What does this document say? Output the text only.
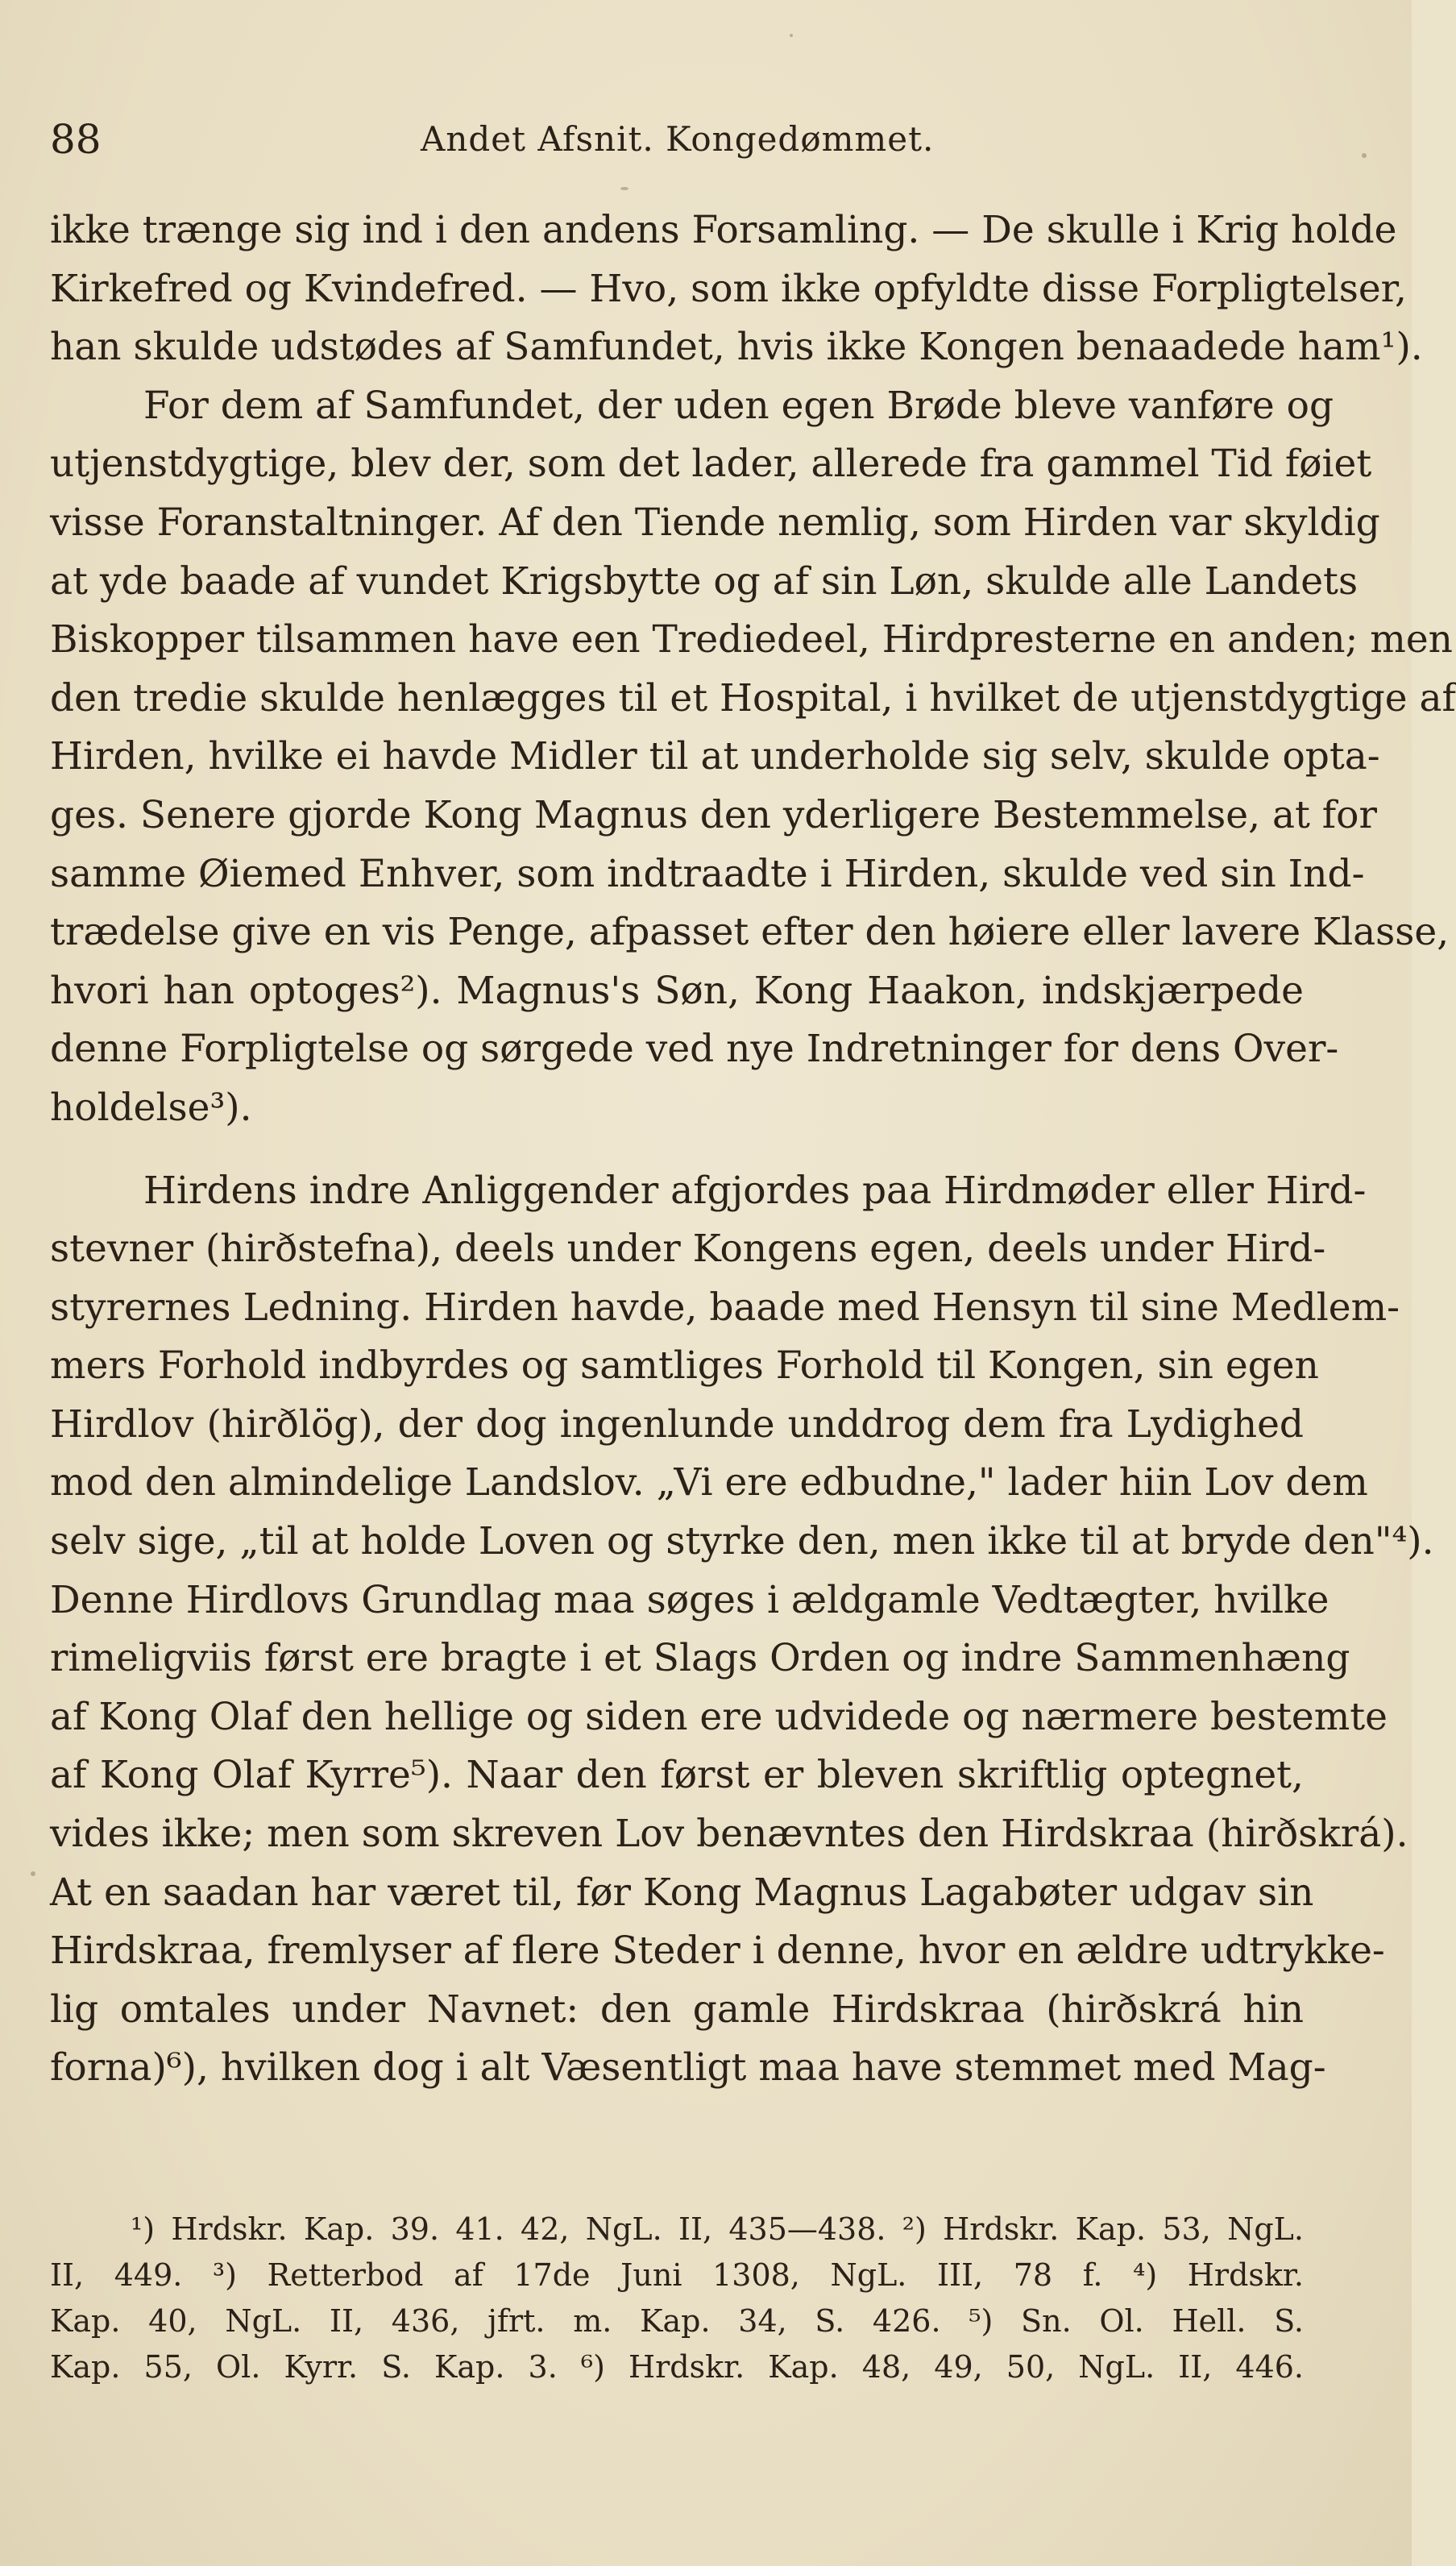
88	Andet Afsnit. Kongedømmet.
ikke trænge sig ind i den andens Forsamling. — De skulle i Krig holde
Kirkefred og Kvindefred. — Hvo, som ikke opfyldte disse Forpligtelser,
han skulde udstødes af Samfundet, hvis ikke Kongen benaadede ham¹).
For dem af Samfundet, der uden egen Brøde bleve vanføre og
utjenstdygtige, blev der, som det lader, allerede fra gammel Tid føiet
visse Foranstaltninger. Af den Tiende nemlig, som Hirden var skyldig
at yde baade af vundet Krigsbytte og af sin Løn, skulde alle Landets
Biskopper tilsammen have een Trediedeel, Hirdpresterne en anden; men
den tredie skulde henlægges til et Hospital, i hvilket de utjenstdygtige af
Hirden, hvilke ei havde Midler til at underholde sig selv, skulde opta-
ges. Senere gjorde Kong Magnus den yderligere Bestemmelse, at for
samme Øiemed Enhver, som indtraadte i Hirden, skulde ved sin Ind-
trædelse give en vis Penge, afpasset efter den høiere eller lavere Klasse,
hvori han optoges²). Magnus's Søn, Kong Haakon, indskjærpede
denne Forpligtelse og sørgede ved nye Indretninger for dens Over-
holdelse³).
Hirdens indre Anliggender afgjordes paa Hirdmøder eller Hird-
stevner (hirðstefna), deels under Kongens egen, deels under Hird-
styrernes Ledning. Hirden havde, baade med Hensyn til sine Medlem-
mers Forhold indbyrdes og samtliges Forhold til Kongen, sin egen
Hirdlov (hirðlög), der dog ingenlunde unddrog dem fra Lydighed
mod den almindelige Landslov. „Vi ere edbudne," lader hiin Lov dem
selv sige, „til at holde Loven og styrke den, men ikke til at bryde den"⁴).
Denne Hirdlovs Grundlag maa søges i ældgamle Vedtægter, hvilke
rimeligviis først ere bragte i et Slags Orden og indre Sammenhæng
af Kong Olaf den hellige og siden ere udvidede og nærmere bestemte
af Kong Olaf Kyrre⁵). Naar den først er bleven skriftlig optegnet,
vides ikke; men som skreven Lov benævntes den Hirdskraa (hirðskrá).
At en saadan har været til, før Kong Magnus Lagabøter udgav sin
Hirdskraa, fremlyser af flere Steder i denne, hvor en ældre udtrykke-
lig omtales under Navnet: den gamle Hirdskraa (hirðskrá hin
forna)⁶), hvilken dog i alt Væsentligt maa have stemmet med Mag-
¹) Hrdskr. Kap. 39. 41. 42, NgL. II, 435—438. ²) Hrdskr. Kap. 53, NgL.
II, 449. ³) Retterbod af 17de Juni 1308, NgL. III, 78 f. ⁴) Hrdskr.
Kap. 40, NgL. II, 436, jfrt. m. Kap. 34, S. 426. ⁵) Sn. Ol. Hell. S.
Kap. 55, Ol. Kyrr. S. Kap. 3. ⁶) Hrdskr. Kap. 48, 49, 50, NgL. II, 446.
